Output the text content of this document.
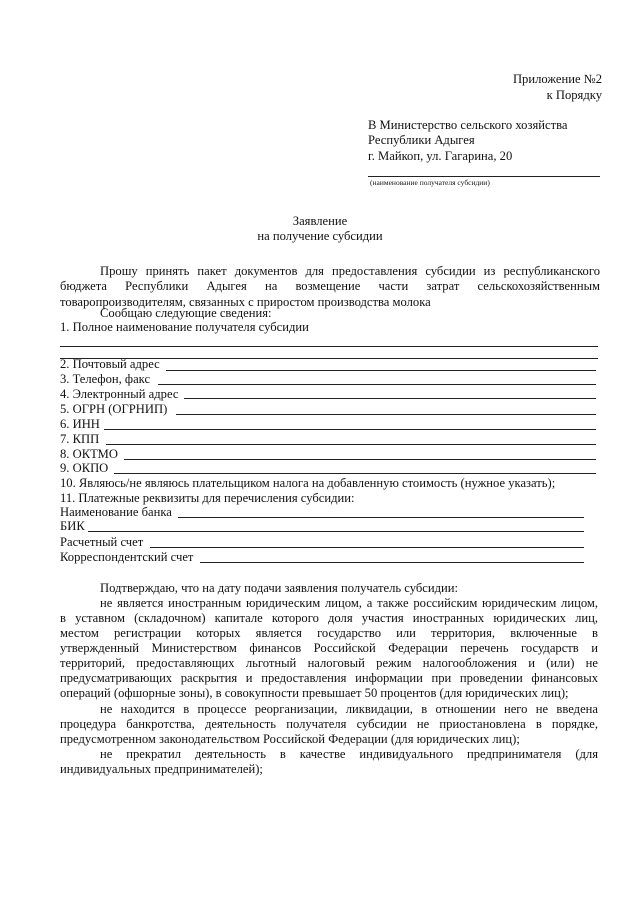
Приложение №2
к Порядку
В Министерство сельского хозяйства
Республики Адыгея
г. Майкоп, ул. Гагарина, 20
(наименование получателя субсидии)
Заявление
на получение субсидии
Прошу принять пакет документов для предоставления субсидии из республиканского
бюджета Республики Адыгея на возмещение части затрат сельскохозяйственным
товаропроизводителям, связанных с приростом производства молока
Сообщаю следующие сведения:
1. Полное наименование получателя субсидии
2. Почтовый адрес
3. Телефон, факс
4. Электронный адрес
5. ОГРН (ОГРНИП)
6. ИНН
7. КПП
8. ОКТМО
9. ОКПО
10. Являюсь/не являюсь плательщиком налога на добавленную стоимость (нужное указать);
11. Платежные реквизиты для перечисления субсидии:
Наименование банка
БИК
Расчетный счет
Корреспондентский счет
Подтверждаю, что на дату подачи заявления получатель субсидии:
не является иностранным юридическим лицом, а также российским юридическим лицом,
в уставном (складочном) капитале которого доля участия иностранных юридических лиц,
местом регистрации которых является государство или территория, включенные в
утвержденный Министерством финансов Российской Федерации перечень государств и
территорий, предоставляющих льготный налоговый режим налогообложения и (или) не
предусматривающих раскрытия и предоставления информации при проведении финансовых
операций (офшорные зоны), в совокупности превышает 50 процентов (для юридических лиц);
не находится в процессе реорганизации, ликвидации, в отношении него не введена
процедура банкротства, деятельность получателя субсидии не приостановлена в порядке,
предусмотренном законодательством Российской Федерации (для юридических лиц);
не прекратил деятельность в качестве индивидуального предпринимателя (для
индивидуальных предпринимателей);
